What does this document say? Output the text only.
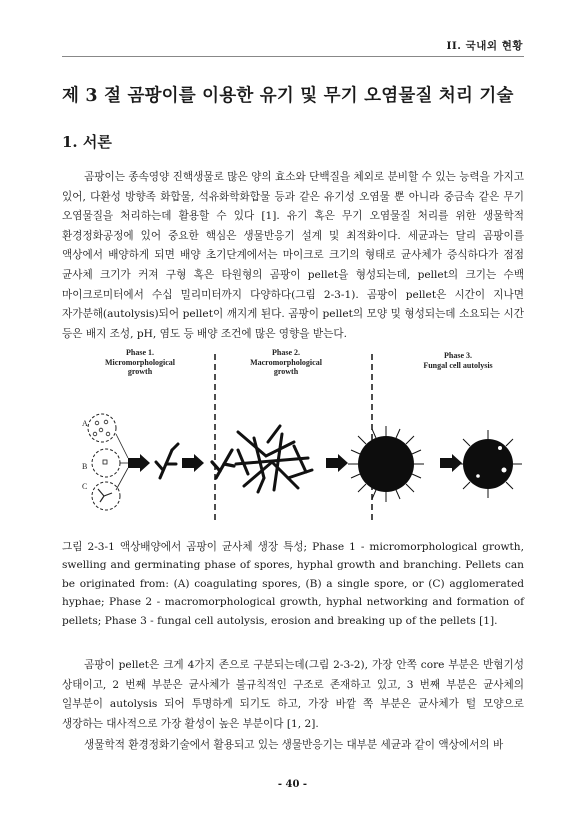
II. 국내외 현황
제 3 절 곰팡이를 이용한 유기 및 무기 오염물질 처리 기술
1. 서론

곰팡이는 종속영양 진핵생물로 많은 양의 효소와 단백질을 체외로 분비할 수 있는 능력을 가지고 있어, 다환성 방향족 화합물, 석유화학화합물 등과 같은 유기성 오염물 뿐 아니라 중금속 같은 무기 오염물질을 처리하는데 활용할 수 있다 [1]. 유기 혹은 무기 오염물질 처리를 위한 생물학적 환경정화공정에 있어 중요한 핵심은 생물반응기 설계 및 최적화이다. 세균과는 달리 곰팡이를 액상에서 배양하게 되면 배양 초기단계에서는 마이크로 크기의 형태로 균사체가 증식하다가 점점 균사체 크기가 커져 구형 혹은 타원형의 곰팡이 pellet을 형성되는데, pellet의 크기는 수백 마이크로미터에서 수십 밀리미터까지 다양하다(그림 2-3-1). 곰팡이 pellet은 시간이 지나면 자가분해(autolysis)되어 pellet이 깨지게 된다. 곰팡이 pellet의 모양 및 형성되는데 소요되는 시간 등은 배지 조성, pH, 염도 등 배양 조건에 많은 영향을 받는다.

Phase 1.
Micromorphological
growth
Phase 2.
Macromorphological
growth
Phase 3.
Fungal cell autolysis
A
B
C

그림 2-3-1 액상배양에서 곰팡이 균사체 생장 특성; Phase 1 - micromorphological growth, swelling and germinating phase of spores, hyphal growth and branching. Pellets can be originated from: (A) coagulating spores, (B) a single spore, or (C) agglomerated hyphae; Phase 2 - macromorphological growth, hyphal networking and formation of pellets; Phase 3 - fungal cell autolysis, erosion and breaking up of the pellets [1].

곰팡이 pellet은 크게 4가지 존으로 구분되는데(그림 2-3-2), 가장 안쪽 core 부분은 반혐기성 상태이고, 2 번째 부분은 균사체가 불규칙적인 구조로 존재하고 있고, 3 번째 부분은 균사체의 일부분이 autolysis 되어 투명하게 되기도 하고, 가장 바깥 쪽 부분은 균사체가 털 모양으로 생장하는 대사적으로 가장 활성이 높은 부분이다 [1, 2].

생물학적 환경정화기술에서 활용되고 있는 생물반응기는 대부분 세균과 같이 액상에서의 바

- 40 -
